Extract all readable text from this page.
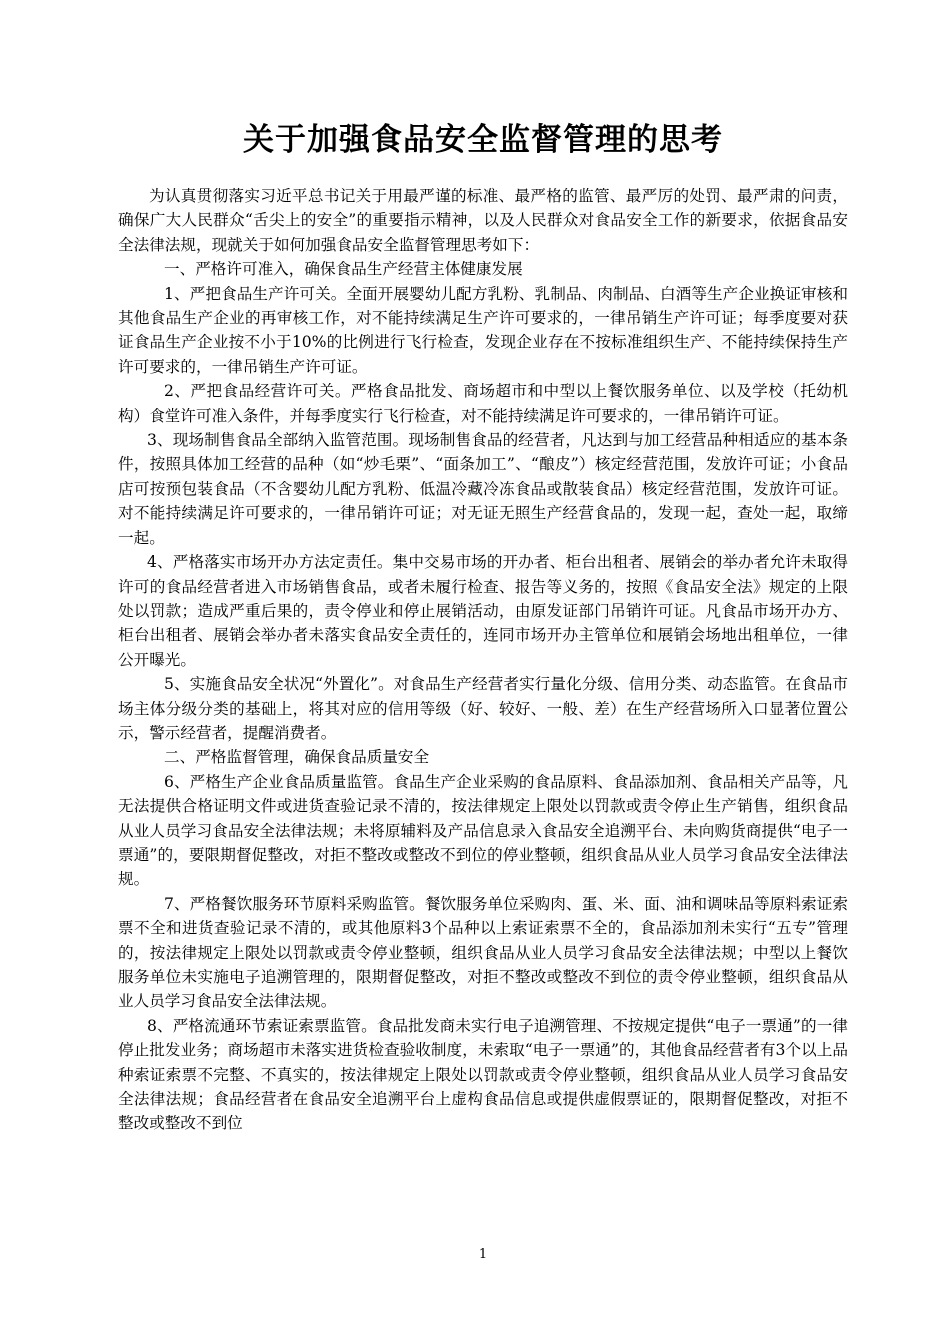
关于加强食品安全监督管理的思考

为认真贯彻落实习近平总书记关于用最严谨的标准、最严格的监管、最严厉的处罚、最严肃的问责，确保广大人民群众“舌尖上的安全”的重要指示精神，以及人民群众对食品安全工作的新要求，依据食品安全法律法规，现就关于如何加强食品安全监督管理思考如下：

一、严格许可准入，确保食品生产经营主体健康发展

1、严把食品生产许可关。全面开展婴幼儿配方乳粉、乳制品、肉制品、白酒等生产企业换证审核和其他食品生产企业的再审核工作，对不能持续满足生产许可要求的，一律吊销生产许可证；每季度要对获证食品生产企业按不小于10%的比例进行飞行检查，发现企业存在不按标准组织生产、不能持续保持生产许可要求的，一律吊销生产许可证。

2、严把食品经营许可关。严格食品批发、商场超市和中型以上餐饮服务单位、以及学校（托幼机构）食堂许可准入条件，并每季度实行飞行检查，对不能持续满足许可要求的，一律吊销许可证。

3、现场制售食品全部纳入监管范围。现场制售食品的经营者，凡达到与加工经营品种相适应的基本条件，按照具体加工经营的品种（如“炒毛栗”、“面条加工”、“酿皮”）核定经营范围，发放许可证；小食品店可按预包装食品（不含婴幼儿配方乳粉、低温冷藏冷冻食品或散装食品）核定经营范围，发放许可证。对不能持续满足许可要求的，一律吊销许可证；对无证无照生产经营食品的，发现一起，查处一起，取缔一起。

4、严格落实市场开办方法定责任。集中交易市场的开办者、柜台出租者、展销会的举办者允许未取得许可的食品经营者进入市场销售食品，或者未履行检查、报告等义务的，按照《食品安全法》规定的上限处以罚款；造成严重后果的，责令停业和停止展销活动，由原发证部门吊销许可证。凡食品市场开办方、柜台出租者、展销会举办者未落实食品安全责任的，连同市场开办主管单位和展销会场地出租单位，一律公开曝光。

5、实施食品安全状况“外置化”。对食品生产经营者实行量化分级、信用分类、动态监管。在食品市场主体分级分类的基础上，将其对应的信用等级（好、较好、一般、差）在生产经营场所入口显著位置公示，警示经营者，提醒消费者。

二、严格监督管理，确保食品质量安全

6、严格生产企业食品质量监管。食品生产企业采购的食品原料、食品添加剂、食品相关产品等，凡无法提供合格证明文件或进货查验记录不清的，按法律规定上限处以罚款或责令停止生产销售，组织食品从业人员学习食品安全法律法规；未将原辅料及产品信息录入食品安全追溯平台、未向购货商提供“电子一票通”的，要限期督促整改，对拒不整改或整改不到位的停业整顿，组织食品从业人员学习食品安全法律法规。

7、严格餐饮服务环节原料采购监管。餐饮服务单位采购肉、蛋、米、面、油和调味品等原料索证索票不全和进货查验记录不清的，或其他原料3个品种以上索证索票不全的，食品添加剂未实行“五专”管理的，按法律规定上限处以罚款或责令停业整顿，组织食品从业人员学习食品安全法律法规；中型以上餐饮服务单位未实施电子追溯管理的，限期督促整改，对拒不整改或整改不到位的责令停业整顿，组织食品从业人员学习食品安全法律法规。

8、严格流通环节索证索票监管。食品批发商未实行电子追溯管理、不按规定提供“电子一票通”的一律停止批发业务；商场超市未落实进货检查验收制度，未索取“电子一票通”的，其他食品经营者有3个以上品种索证索票不完整、不真实的，按法律规定上限处以罚款或责令停业整顿，组织食品从业人员学习食品安全法律法规；食品经营者在食品安全追溯平台上虚构食品信息或提供虚假票证的，限期督促整改，对拒不整改或整改不到位

1
